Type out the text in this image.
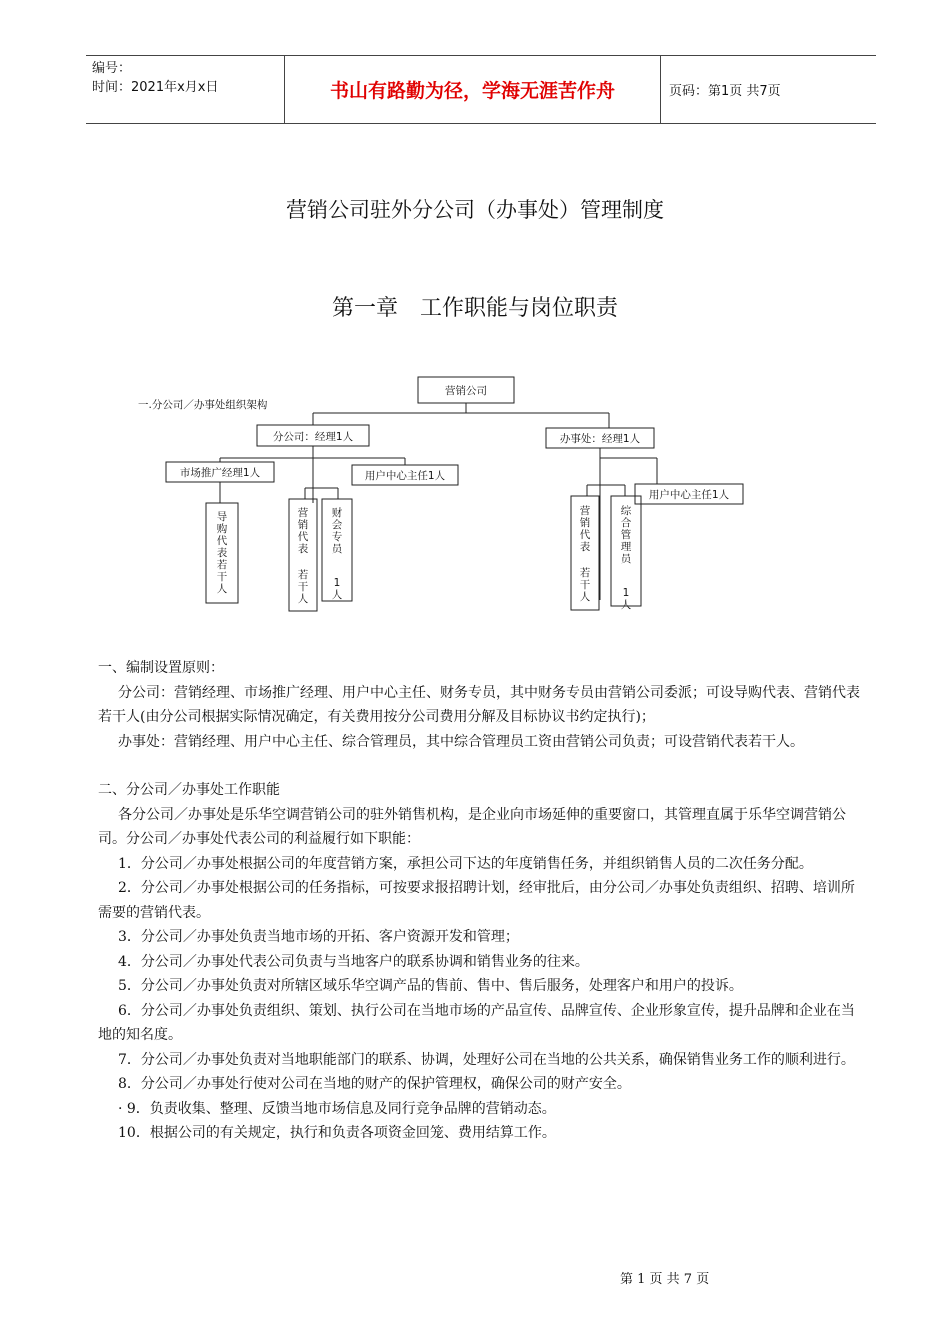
编号：
时间：2021年x月x日	书山有路勤为径，学海无涯苦作舟	页码：第1页 共7页
营销公司驻外分公司（办事处）管理制度
第一章　工作职能与岗位职责
一.分公司／办事处组织架构
营销公司
分公司：经理1人	办事处：经理1人
市场推广经理1人	用户中心主任1人
用户中心主任1人
导购代表若干人
营销代表若干人
财会专员 1 人
营销代表若干人
综合管理员 1 人

一、编制设置原则：

分公司：营销经理、市场推广经理、用户中心主任、财务专员，其中财务专员由营销公司委派；可设导购代表、营销代表若干人(由分公司根据实际情况确定，有关费用按分公司费用分解及目标协议书约定执行)；

办事处：营销经理、用户中心主任、综合管理员，其中综合管理员工资由营销公司负责；可设营销代表若干人。

二、分公司／办事处工作职能

各分公司／办事处是乐华空调营销公司的驻外销售机构，是企业向市场延伸的重要窗口，其管理直属于乐华空调营销公司。分公司／办事处代表公司的利益履行如下职能：

1．分公司／办事处根据公司的年度营销方案，承担公司下达的年度销售任务，并组织销售人员的二次任务分配。

2．分公司／办事处根据公司的任务指标，可按要求报招聘计划，经审批后，由分公司／办事处负责组织、招聘、培训所需要的营销代表。

3．分公司／办事处负责当地市场的开拓、客户资源开发和管理；

4．分公司／办事处代表公司负责与当地客户的联系协调和销售业务的往来。

5．分公司／办事处负责对所辖区域乐华空调产品的售前、售中、售后服务，处理客户和用户的投诉。

6．分公司／办事处负责组织、策划、执行公司在当地市场的产品宣传、品牌宣传、企业形象宣传，提升品牌和企业在当地的知名度。

7．分公司／办事处负责对当地职能部门的联系、协调，处理好公司在当地的公共关系，确保销售业务工作的顺利进行。

8．分公司／办事处行使对公司在当地的财产的保护管理权，确保公司的财产安全。

· 9．负责收集、整理、反馈当地市场信息及同行竞争品牌的营销动态。

10．根据公司的有关规定，执行和负责各项资金回笼、费用结算工作。

第 1 页 共 7 页
